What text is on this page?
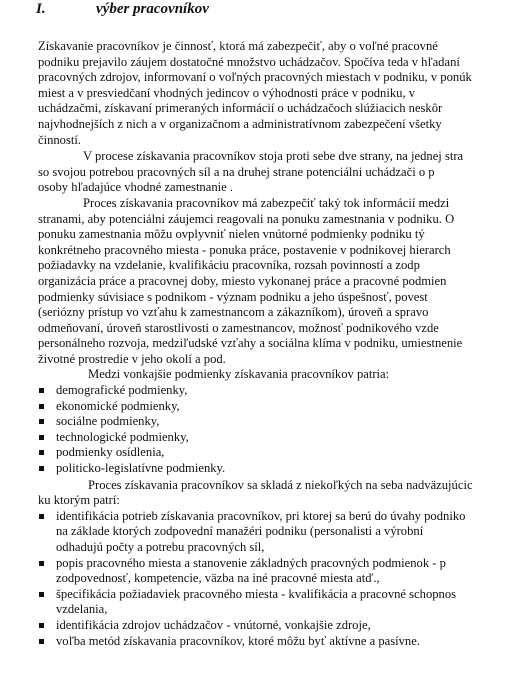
I.	výber pracovníkov
Získavanie pracovníkov je činnosť, ktorá má zabezpečiť, aby o voľné pracovné
podniku prejavilo záujem dostatočné množstvo uchádzačov. Spočíva teda v hľadaní
pracovných zdrojov, informovaní o voľných pracovných miestach v podniku, v ponúk
miest a v presviedčaní vhodných jedincov o výhodnosti práce v podniku, v
uchádzačmi, získavaní primeraných informácií o uchádzačoch slúžiacich neskôr
najvhodnejších z nich a v organizačnom a administratívnom zabezpečení všetky
činností.
V procese získavania pracovníkov stoja proti sebe dve strany, na jednej stra
so svojou potrebou pracovných síl a na druhej strane potenciálni uchádzači o p
osoby hľadajúce vhodné zamestnanie .
Proces získavania pracovníkov má zabezpečiť taký tok informácií medzi
stranami, aby potenciálni záujemci reagovali na ponuku zamestnania v podniku. O
ponuku zamestnania môžu ovplyvniť nielen vnútorné podmienky podniku tý
konkrétneho pracovného miesta - ponuka práce, postavenie v podnikovej hierarch
požiadavky na vzdelanie, kvalifikáciu pracovníka, rozsah povinností a zodp
organizácia práce a pracovnej doby, miesto vykonanej práce a pracovné podmien
podmienky súvisiace s podnikom - význam podniku a jeho úspešnosť, povest
(seriózny prístup vo vzťahu k zamestnancom a zákazníkom), úroveň a spravo
odmeňovaní, úroveň starostlivosti o zamestnancov, možnosť podnikového vzde
personálneho rozvoja, medziľudské vzťahy a sociálna klíma v podniku, umiestnenie
životné prostredie v jeho okolí a pod.
Medzi vonkajšie podmienky získavania pracovníkov patria:
demografické podmienky,
ekonomické podmienky,
sociálne podmienky,
technologické podmienky,
podmienky osídlenia,
politicko-legislatívne podmienky.
Proces získavania pracovníkov sa skladá z niekoľkých na seba nadväzujúcic
ku ktorým patrí:
identifikácia potrieb získavania pracovníkov, pri ktorej sa berú do úvahy podniko
na základe ktorých zodpovední manažéri podniku (personalisti a výrobní
odhadujú počty a potrebu pracovných síl,
popis pracovného miesta a stanovenie základných pracovných podmienok - p
zodpovednosť, kompetencie, väzba na iné pracovné miesta atď.,
špecifikácia požiadaviek pracovného miesta - kvalifikácia a pracovné schopnos
vzdelania,
identifikácia zdrojov uchádzačov - vnútorné, vonkajšie zdroje,
voľba metód získavania pracovníkov, ktoré môžu byť aktívne a pasívne.
